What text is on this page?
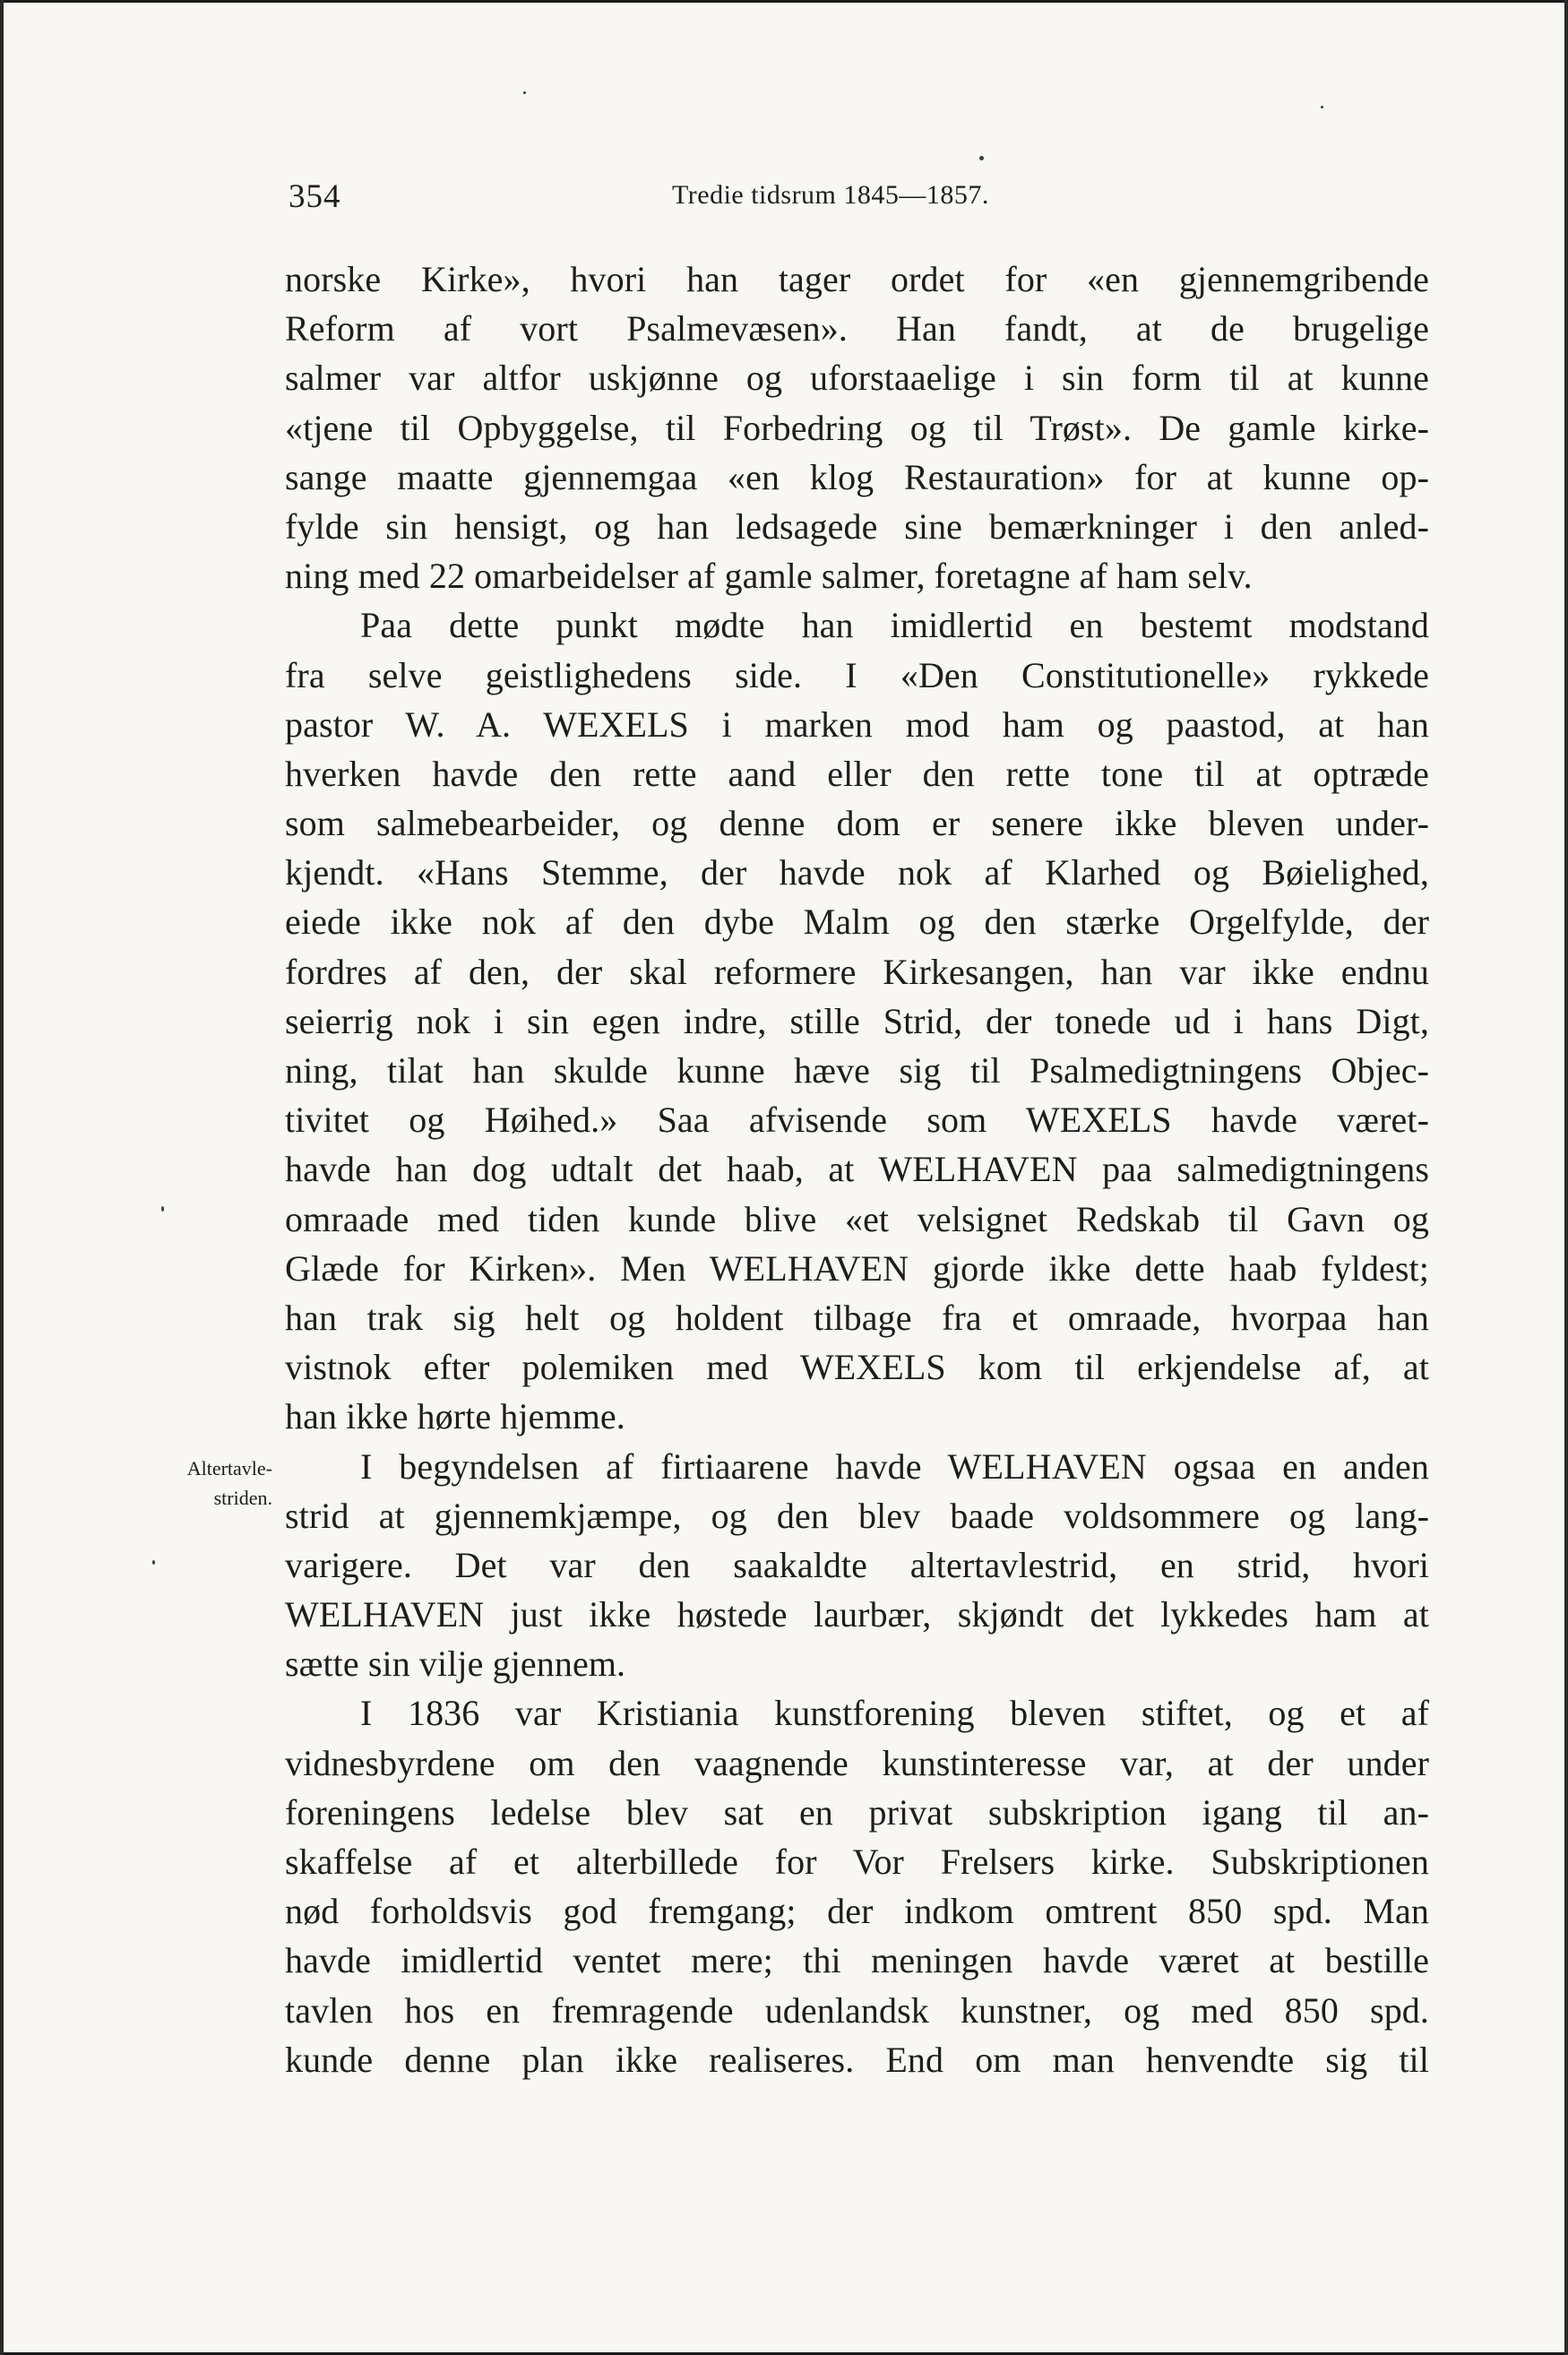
354	Tredie tidsrum 1845—1857.
Altertavle-
striden.
norske Kirke», hvori han tager ordet for «en gjennemgribende
Reform af vort Psalmevæsen». Han fandt, at de brugelige
salmer var altfor uskjønne og uforstaaelige i sin form til at kunne
«tjene til Opbyggelse, til Forbedring og til Trøst». De gamle kirke-
sange maatte gjennemgaa «en klog Restauration» for at kunne op-
fylde sin hensigt, og han ledsagede sine bemærkninger i den anled-
ning med 22 omarbeidelser af gamle salmer, foretagne af ham selv.
Paa dette punkt mødte han imidlertid en bestemt modstand
fra selve geistlighedens side. I «Den Constitutionelle» rykkede
pastor W. A. WEXELS i marken mod ham og paastod, at han
hverken havde den rette aand eller den rette tone til at optræde
som salmebearbeider, og denne dom er senere ikke bleven under-
kjendt. «Hans Stemme, der havde nok af Klarhed og Bøielighed,
eiede ikke nok af den dybe Malm og den stærke Orgelfylde, der
fordres af den, der skal reformere Kirkesangen, han var ikke endnu
seierrig nok i sin egen indre, stille Strid, der tonede ud i hans Digt,
ning, tilat han skulde kunne hæve sig til Psalmedigtningens Objec-
tivitet og Høihed.» Saa afvisende som WEXELS havde været-
havde han dog udtalt det haab, at WELHAVEN paa salmedigtningens
omraade med tiden kunde blive «et velsignet Redskab til Gavn og
Glæde for Kirken». Men WELHAVEN gjorde ikke dette haab fyldest;
han trak sig helt og holdent tilbage fra et omraade, hvorpaa han
vistnok efter polemiken med WEXELS kom til erkjendelse af, at
han ikke hørte hjemme.
I begyndelsen af firtiaarene havde WELHAVEN ogsaa en anden
strid at gjennemkjæmpe, og den blev baade voldsommere og lang-
varigere. Det var den saakaldte altertavlestrid, en strid, hvori
WELHAVEN just ikke høstede laurbær, skjøndt det lykkedes ham at
sætte sin vilje gjennem.
I 1836 var Kristiania kunstforening bleven stiftet, og et af
vidnesbyrdene om den vaagnende kunstinteresse var, at der under
foreningens ledelse blev sat en privat subskription igang til an-
skaffelse af et alterbillede for Vor Frelsers kirke. Subskriptionen
nød forholdsvis god fremgang; der indkom omtrent 850 spd. Man
havde imidlertid ventet mere; thi meningen havde været at bestille
tavlen hos en fremragende udenlandsk kunstner, og med 850 spd.
kunde denne plan ikke realiseres. End om man henvendte sig til
